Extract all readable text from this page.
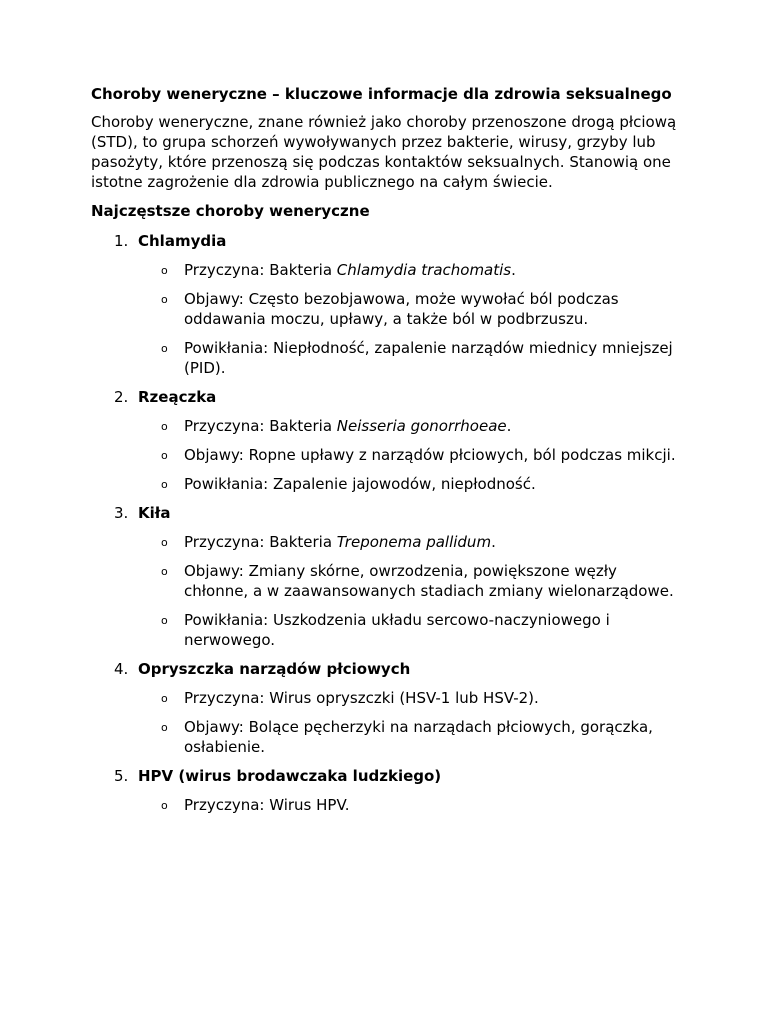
Choroby weneryczne – kluczowe informacje dla zdrowia seksualnego
Choroby weneryczne, znane również jako choroby przenoszone drogą płciową (STD), to grupa schorzeń wywoływanych przez bakterie, wirusy, grzyby lub pasożyty, które przenoszą się podczas kontaktów seksualnych. Stanowią one istotne zagrożenie dla zdrowia publicznego na całym świecie.
Najczęstsze choroby weneryczne
1. Chlamydia
o Przyczyna: Bakteria Chlamydia trachomatis.
o Objawy: Często bezobjawowa, może wywołać ból podczas oddawania moczu, upławy, a także ból w podbrzuszu.
o Powikłania: Niepłodność, zapalenie narządów miednicy mniejszej (PID).
2. Rzeączka
o Przyczyna: Bakteria Neisseria gonorrhoeae.
o Objawy: Ropne upławy z narządów płciowych, ból podczas mikcji.
o Powikłania: Zapalenie jajowodów, niepłodność.
3. Kiła
o Przyczyna: Bakteria Treponema pallidum.
o Objawy: Zmiany skórne, owrzodzenia, powiększone węzły chłonne, a w zaawansowanych stadiach zmiany wielonarządowe.
o Powikłania: Uszkodzenia układu sercowo-naczyniowego i nerwowego.
4. Opryszczka narządów płciowych
o Przyczyna: Wirus opryszczki (HSV-1 lub HSV-2).
o Objawy: Bolące pęcherzyki na narządach płciowych, gorączka, osłabienie.
5. HPV (wirus brodawczaka ludzkiego)
o Przyczyna: Wirus HPV.
